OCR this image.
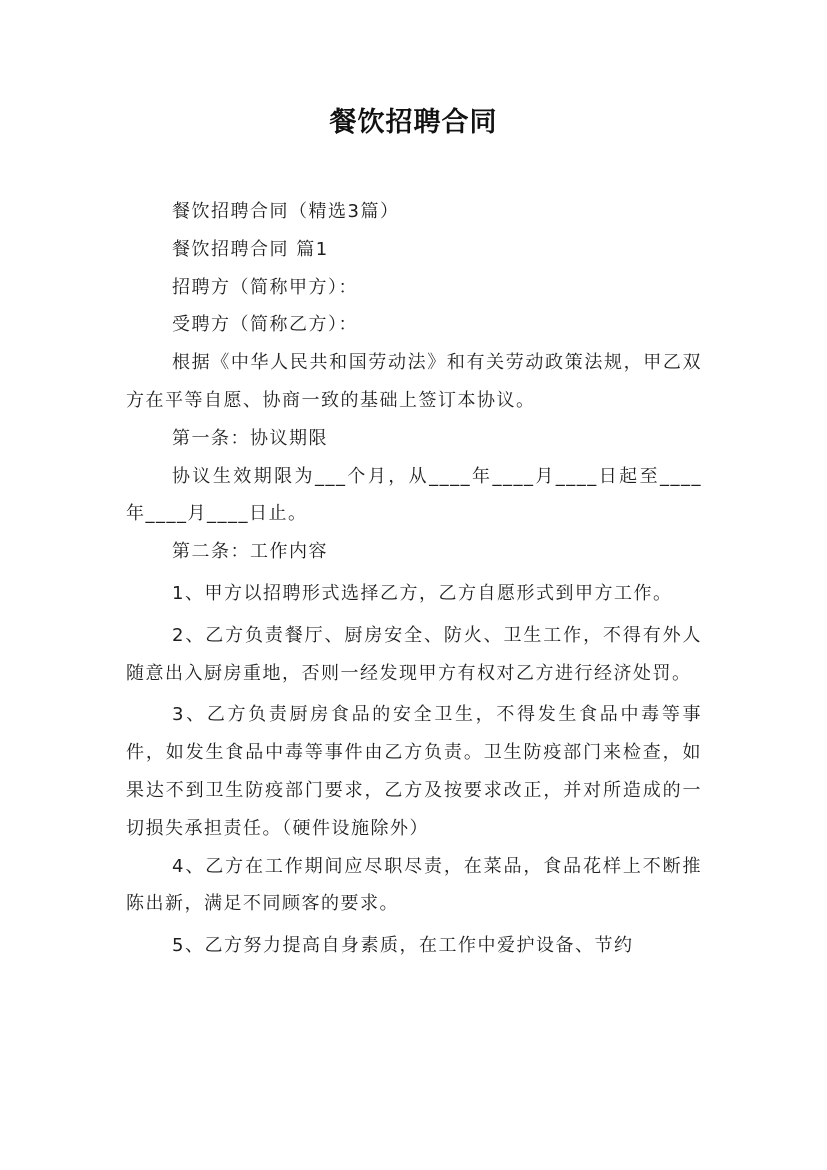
餐饮招聘合同

餐饮招聘合同（精选3篇）

餐饮招聘合同 篇1

招聘方（简称甲方）：

受聘方（简称乙方）：

根据《中华人民共和国劳动法》和有关劳动政策法规，甲乙双方在平等自愿、协商一致的基础上签订本协议。

第一条：协议期限

协议生效期限为___个月，从____年____月____日起至____年____月____日止。

第二条：工作内容

1、甲方以招聘形式选择乙方，乙方自愿形式到甲方工作。

2、乙方负责餐厅、厨房安全、防火、卫生工作，不得有外人随意出入厨房重地，否则一经发现甲方有权对乙方进行经济处罚。

3、乙方负责厨房食品的安全卫生，不得发生食品中毒等事件，如发生食品中毒等事件由乙方负责。卫生防疫部门来检查，如果达不到卫生防疫部门要求，乙方及按要求改正，并对所造成的一切损失承担责任。（硬件设施除外）

4、乙方在工作期间应尽职尽责，在菜品，食品花样上不断推陈出新，满足不同顾客的要求。

5、乙方努力提高自身素质，在工作中爱护设备、节约
